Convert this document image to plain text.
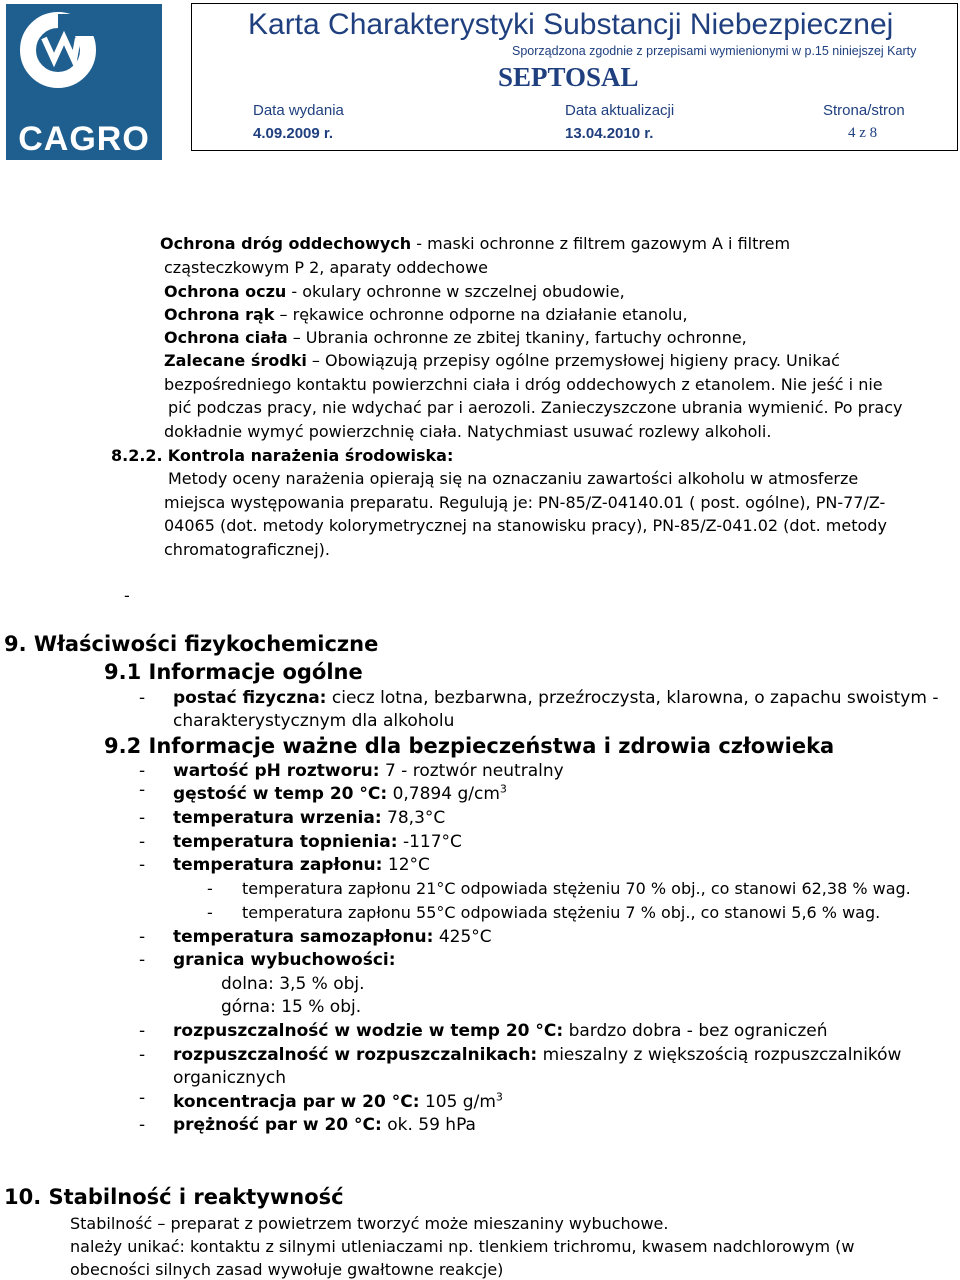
CAGRO
Karta Charakterystyki Substancji Niebezpiecznej
Sporządzona zgodnie z przepisami wymienionymi w p.15 niniejszej Karty
SEPTOSAL
Data wydania	Data aktualizacji	Strona/stron
4.09.2009 r.	13.04.2010 r.	4 z 8
Ochrona dróg oddechowych - maski ochronne z filtrem gazowym A i filtrem
cząsteczkowym P 2, aparaty oddechowe
Ochrona oczu - okulary ochronne w szczelnej obudowie,
Ochrona rąk – rękawice ochronne odporne na działanie etanolu,
Ochrona ciała – Ubrania ochronne ze zbitej tkaniny, fartuchy ochronne,
Zalecane środki – Obowiązują przepisy ogólne przemysłowej higieny pracy. Unikać
bezpośredniego kontaktu powierzchni ciała i dróg oddechowych z etanolem. Nie jeść i nie
pić podczas pracy, nie wdychać par i aerozoli. Zanieczyszczone ubrania wymienić. Po pracy
dokładnie wymyć powierzchnię ciała. Natychmiast usuwać rozlewy alkoholi.
8.2.2. Kontrola narażenia środowiska:
Metody oceny narażenia opierają się na oznaczaniu zawartości alkoholu w atmosferze
miejsca występowania preparatu. Regulują je: PN-85/Z-04140.01 ( post. ogólne), PN-77/Z-
04065 (dot. metody kolorymetrycznej na stanowisku pracy), PN-85/Z-041.02 (dot. metody
chromatograficznej).
-
9. Właściwości fizykochemiczne
9.1 Informacje ogólne
- postać fizyczna: ciecz lotna, bezbarwna, przeźroczysta, klarowna, o zapachu swoistym -
charakterystycznym dla alkoholu
9.2 Informacje ważne dla bezpieczeństwa i zdrowia człowieka
- wartość pH roztworu: 7 - roztwór neutralny
- gęstość w temp 20 °C: 0,7894 $g/cm^3$
- temperatura wrzenia: 78,3°C
- temperatura topnienia: -117°C
- temperatura zapłonu: 12°C
- temperatura zapłonu 21°C odpowiada stężeniu 70 % obj., co stanowi 62,38 % wag.
- temperatura zapłonu 55°C odpowiada stężeniu 7 % obj., co stanowi 5,6 % wag.
- temperatura samozapłonu: 425°C
- granica wybuchowości:
dolna: 3,5 % obj.
górna: 15 % obj.
- rozpuszczalność w wodzie w temp 20 °C: bardzo dobra - bez ograniczeń
- rozpuszczalność w rozpuszczalnikach: mieszalny z większością rozpuszczalników
organicznych
- koncentracja par w 20 °C: 105 $g/m^3$
- prężność par w 20 °C: ok. 59 hPa
10. Stabilność i reaktywność
Stabilność – preparat z powietrzem tworzyć może mieszaniny wybuchowe.
należy unikać: kontaktu z silnymi utleniaczami np. tlenkiem trichromu, kwasem nadchlorowym (w
obecności silnych zasad wywołuje gwałtowne reakcje)
